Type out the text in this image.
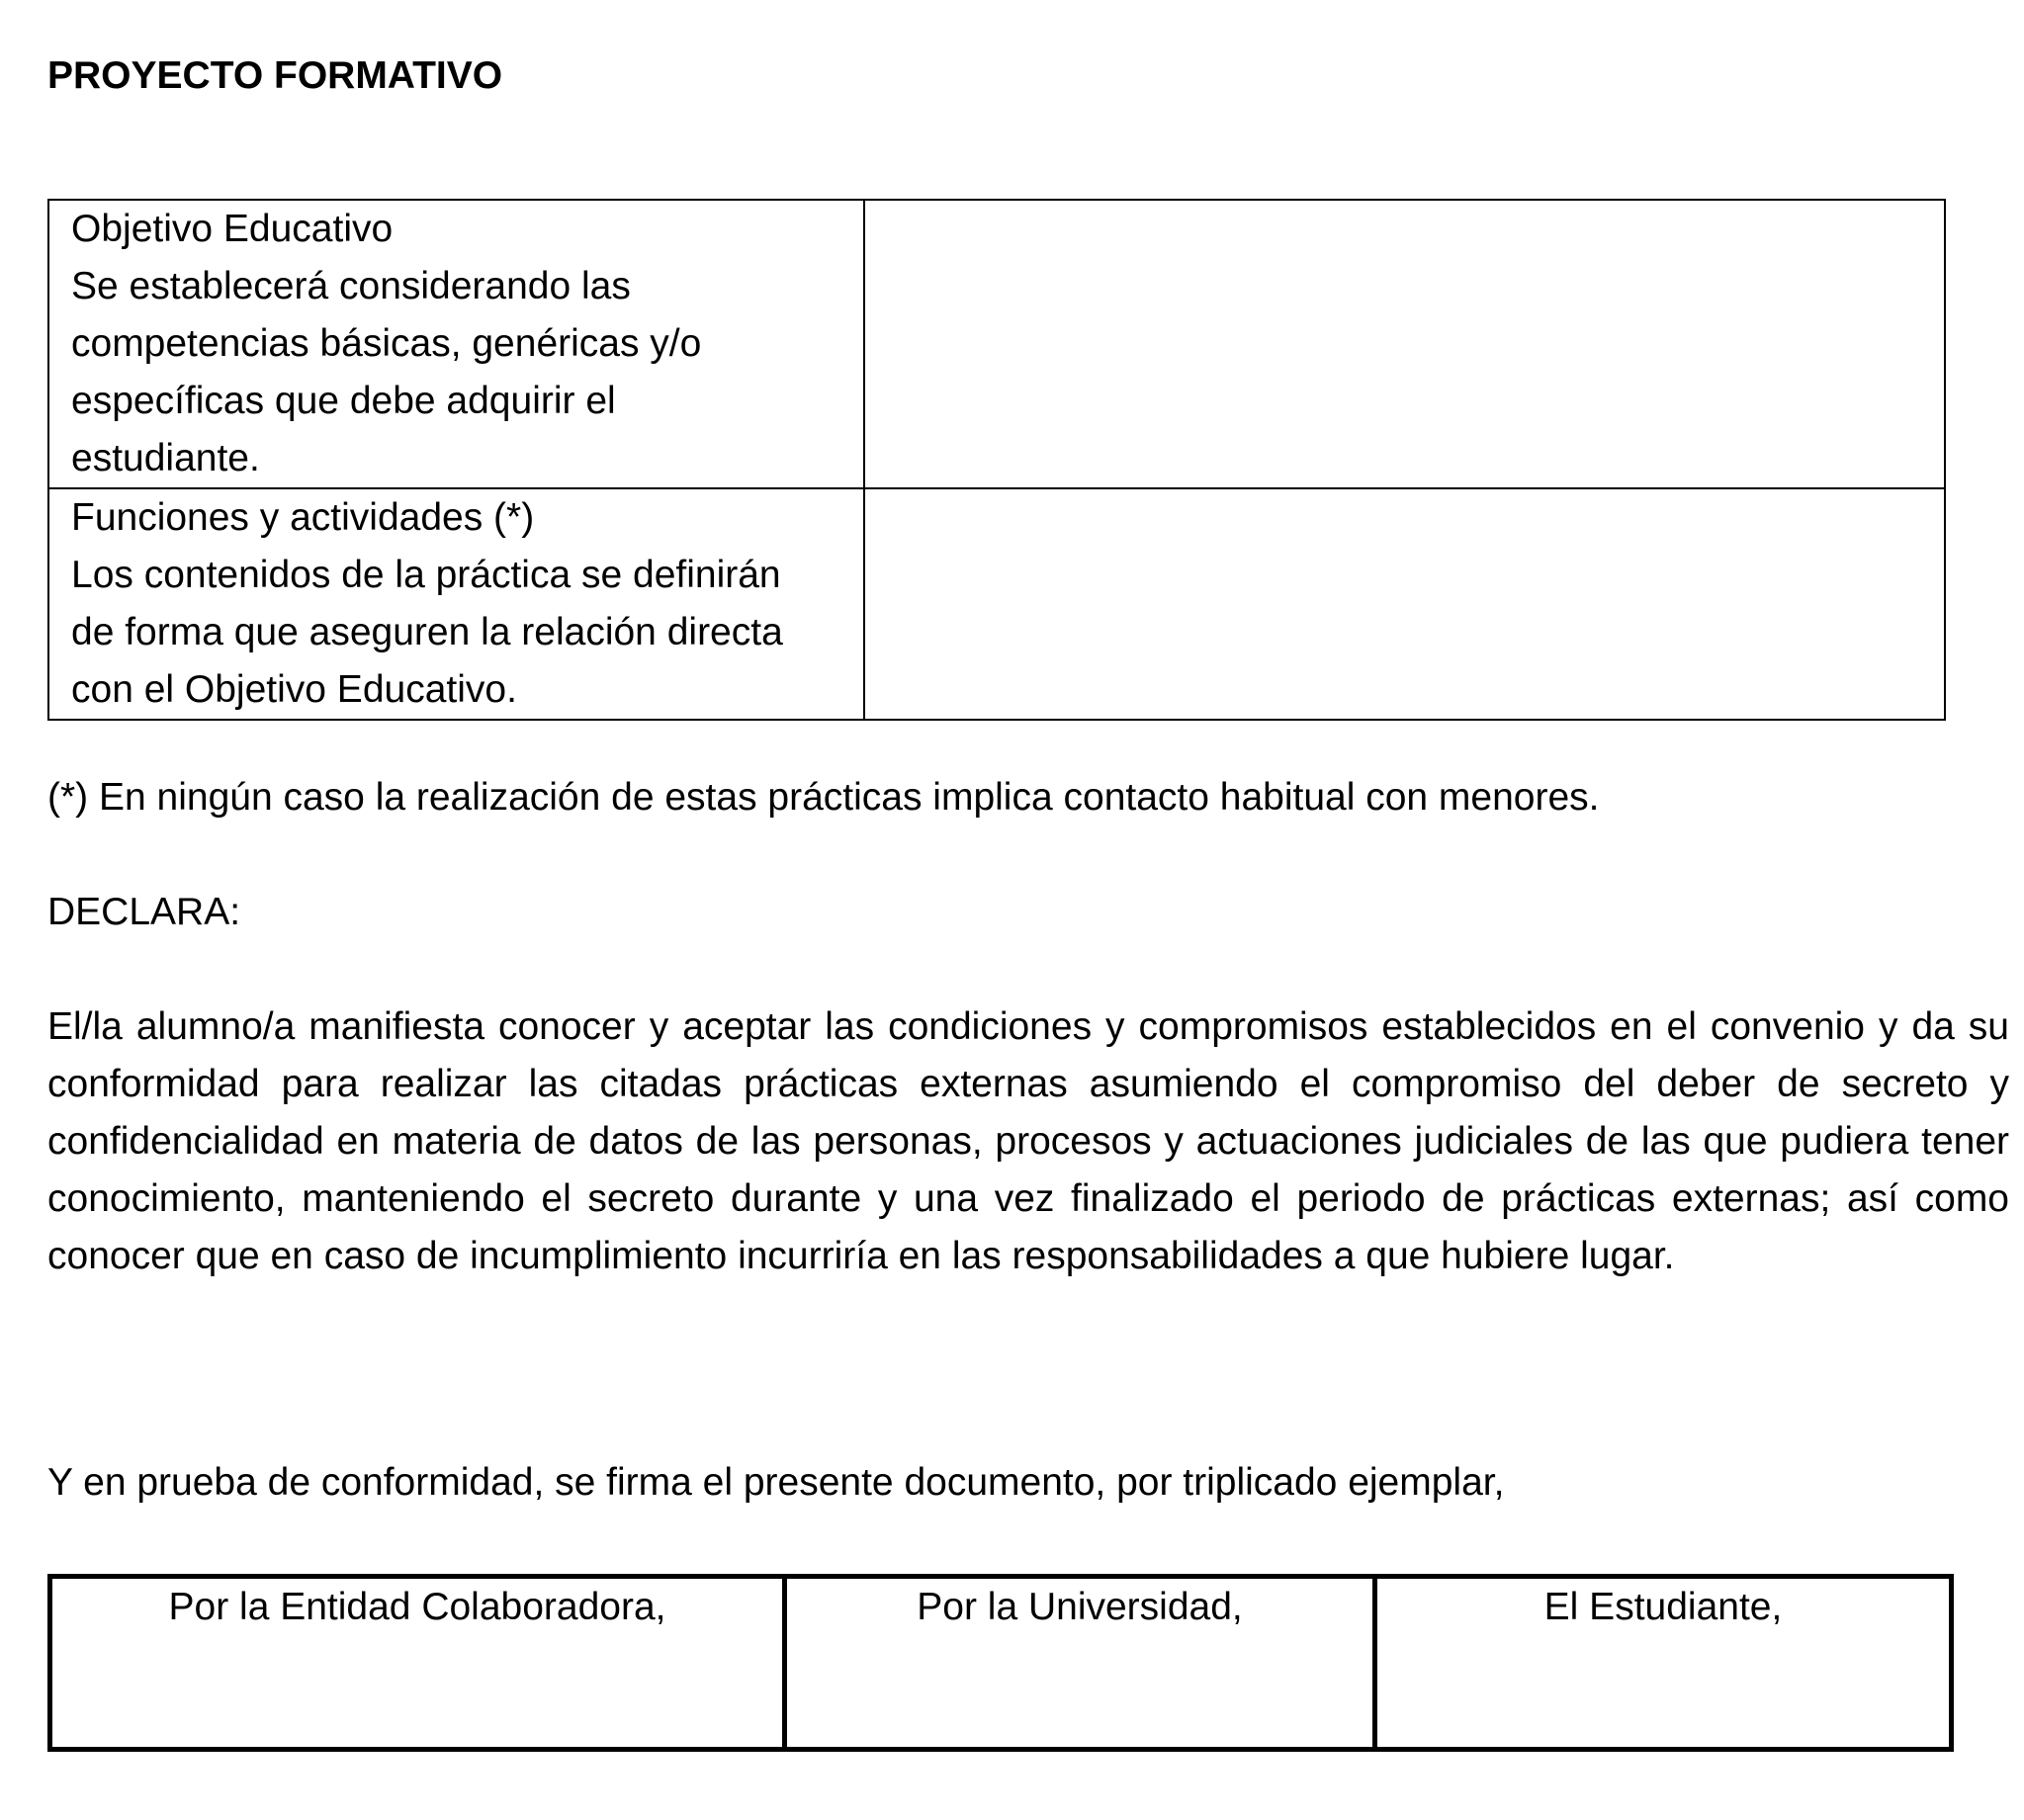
PROYECTO FORMATIVO
Objetivo Educativo
Se establecerá considerando las
competencias básicas, genéricas y/o
específicas que debe adquirir el
estudiante.	

Funciones y actividades (*)
Los contenidos de la práctica se definirán
de forma que aseguren la relación directa
con el Objetivo Educativo.	

(*) En ningún caso la realización de estas prácticas implica contacto habitual con menores.

DECLARA:

El/la alumno/a manifiesta conocer y aceptar las condiciones y compromisos establecidos en el convenio y da su conformidad para realizar las citadas prácticas externas asumiendo el compromiso del deber de secreto y confidencialidad en materia de datos de las personas, procesos y actuaciones judiciales de las que pudiera tener conocimiento, manteniendo el secreto durante y una vez finalizado el periodo de prácticas externas; así como conocer que en caso de incumplimiento incurriría en las responsabilidades a que hubiere lugar.

Y en prueba de conformidad, se firma el presente documento, por triplicado ejemplar,

Por la Entidad Colaboradora,	Por la Universidad,	El Estudiante,
